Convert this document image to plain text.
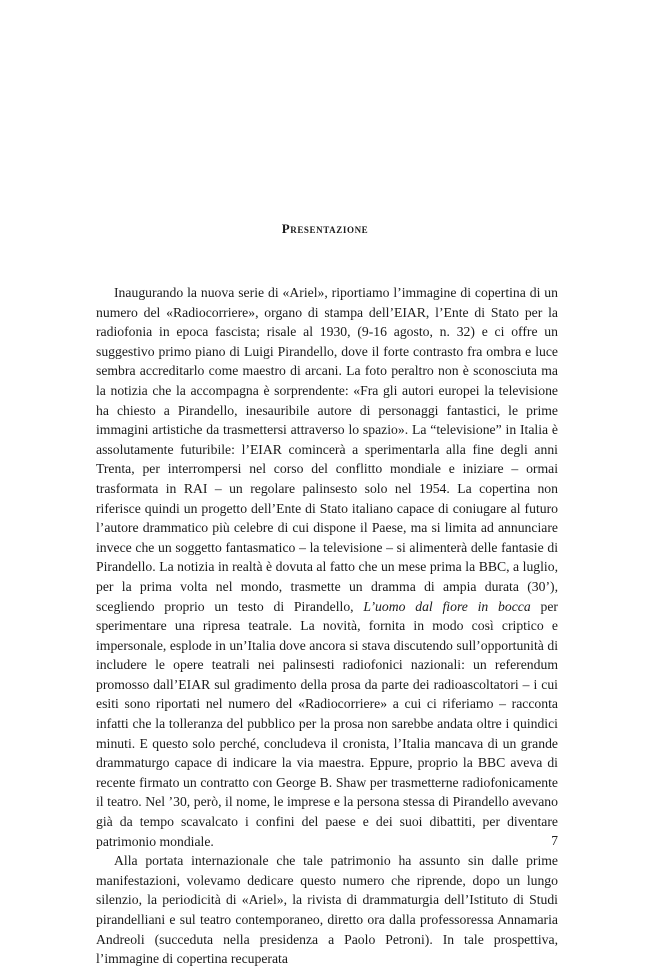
Presentazione

Inaugurando la nuova serie di «Ariel», riportiamo l’immagine di copertina di un numero del «Radiocorriere», organo di stampa dell’EIAR, l’Ente di Stato per la radiofonia in epoca fascista; risale al 1930, (9-16 agosto, n. 32) e ci offre un suggestivo primo piano di Luigi Pirandello, dove il forte contrasto fra ombra e luce sembra accreditarlo come maestro di arcani. La foto peraltro non è sconosciuta ma la notizia che la accompagna è sorprendente: «Fra gli autori europei la televisione ha chiesto a Pirandello, inesauribile autore di personaggi fantastici, le prime immagini artistiche da trasmettersi attraverso lo spazio». La “televisione” in Italia è assolutamente futuribile: l’EIAR comincerà a sperimentarla alla fine degli anni Trenta, per interrompersi nel corso del conflitto mondiale e iniziare – ormai trasformata in RAI – un regolare palinsesto solo nel 1954. La copertina non riferisce quindi un progetto dell’Ente di Stato italiano capace di coniugare al futuro l’autore drammatico più celebre di cui dispone il Paese, ma si limita ad annunciare invece che un soggetto fantasmatico – la televisione – si alimenterà delle fantasie di Pirandello. La notizia in realtà è dovuta al fatto che un mese prima la BBC, a luglio, per la prima volta nel mondo, trasmette un dramma di ampia durata (30’), scegliendo proprio un testo di Pirandello, L’uomo dal fiore in bocca per sperimentare una ripresa teatrale. La novità, fornita in modo così criptico e impersonale, esplode in un’Italia dove ancora si stava discutendo sull’opportunità di includere le opere teatrali nei palinsesti radiofonici nazionali: un referendum promosso dall’EIAR sul gradimento della prosa da parte dei radioascoltatori – i cui esiti sono riportati nel numero del «Radiocorriere» a cui ci riferiamo – racconta infatti che la tolleranza del pubblico per la prosa non sarebbe andata oltre i quindici minuti. E questo solo perché, concludeva il cronista, l’Italia mancava di un grande drammaturgo capace di indicare la via maestra. Eppure, proprio la BBC aveva di recente firmato un contratto con George B. Shaw per trasmetterne radiofonicamente il teatro. Nel ’30, però, il nome, le imprese e la persona stessa di Pirandello avevano già da tempo scavalcato i confini del paese e dei suoi dibattiti, per diventare patrimonio mondiale.

Alla portata internazionale che tale patrimonio ha assunto sin dalle prime manifestazioni, volevamo dedicare questo numero che riprende, dopo un lungo silenzio, la periodicità di «Ariel», la rivista di drammaturgia dell’Istituto di Studi pirandelliani e sul teatro contemporaneo, diretto ora dalla professoressa Annamaria Andreoli (succeduta nella presidenza a Paolo Petroni). In tale prospettiva, l’immagine di copertina recuperata

7
